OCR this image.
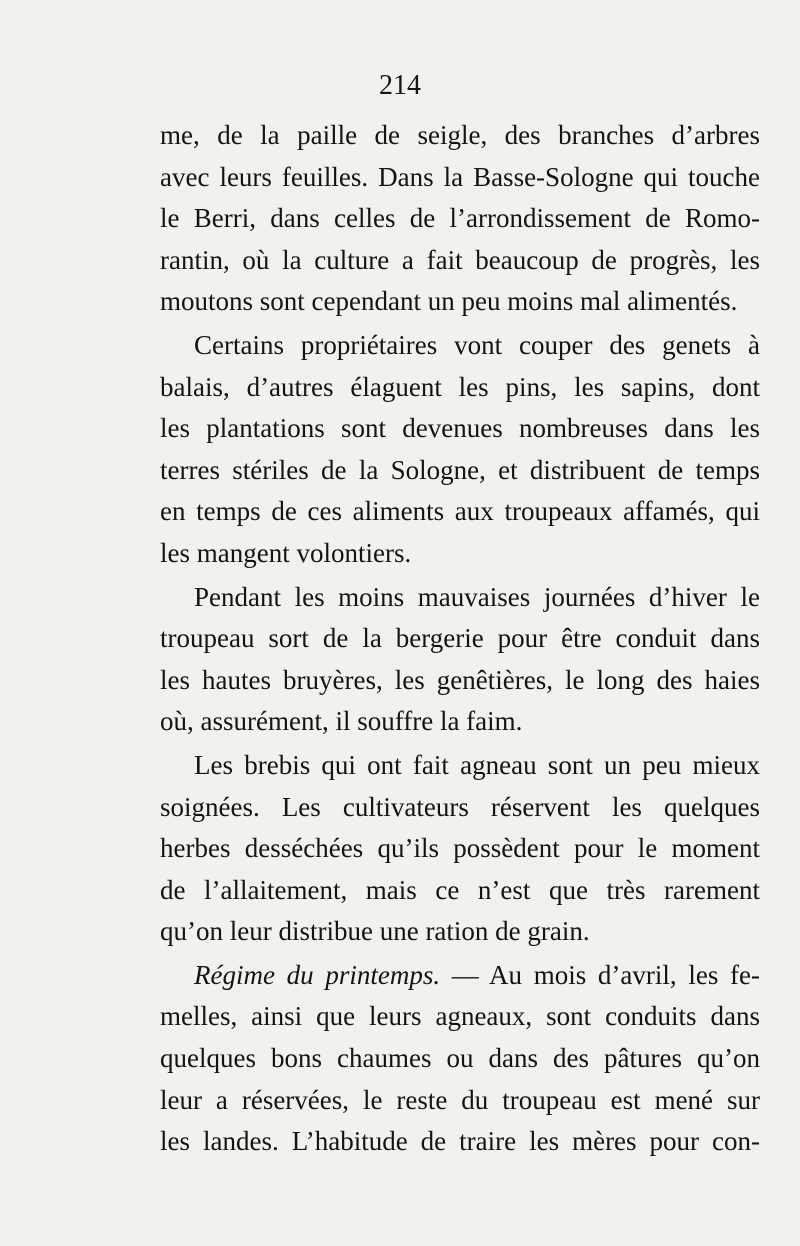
214
me, de la paille de seigle, des branches d’arbres
avec leurs feuilles. Dans la Basse-Sologne qui touche
le Berri, dans celles de l’arrondissement de Romo-
rantin, où la culture a fait beaucoup de progrès, les
moutons sont cependant un peu moins mal alimentés.
Certains propriétaires vont couper des genets à
balais, d’autres élaguent les pins, les sapins, dont
les plantations sont devenues nombreuses dans les
terres stériles de la Sologne, et distribuent de temps
en temps de ces aliments aux troupeaux affamés, qui
les mangent volontiers.
Pendant les moins mauvaises journées d’hiver le
troupeau sort de la bergerie pour être conduit dans
les hautes bruyères, les genêtières, le long des haies
où, assurément, il souffre la faim.
Les brebis qui ont fait agneau sont un peu mieux
soignées. Les cultivateurs réservent les quelques
herbes desséchées qu’ils possèdent pour le moment
de l’allaitement, mais ce n’est que très rarement
qu’on leur distribue une ration de grain.
Régime du printemps. — Au mois d’avril, les fe-
melles, ainsi que leurs agneaux, sont conduits dans
quelques bons chaumes ou dans des pâtures qu’on
leur a réservées, le reste du troupeau est mené sur
les landes. L’habitude de traire les mères pour con-
